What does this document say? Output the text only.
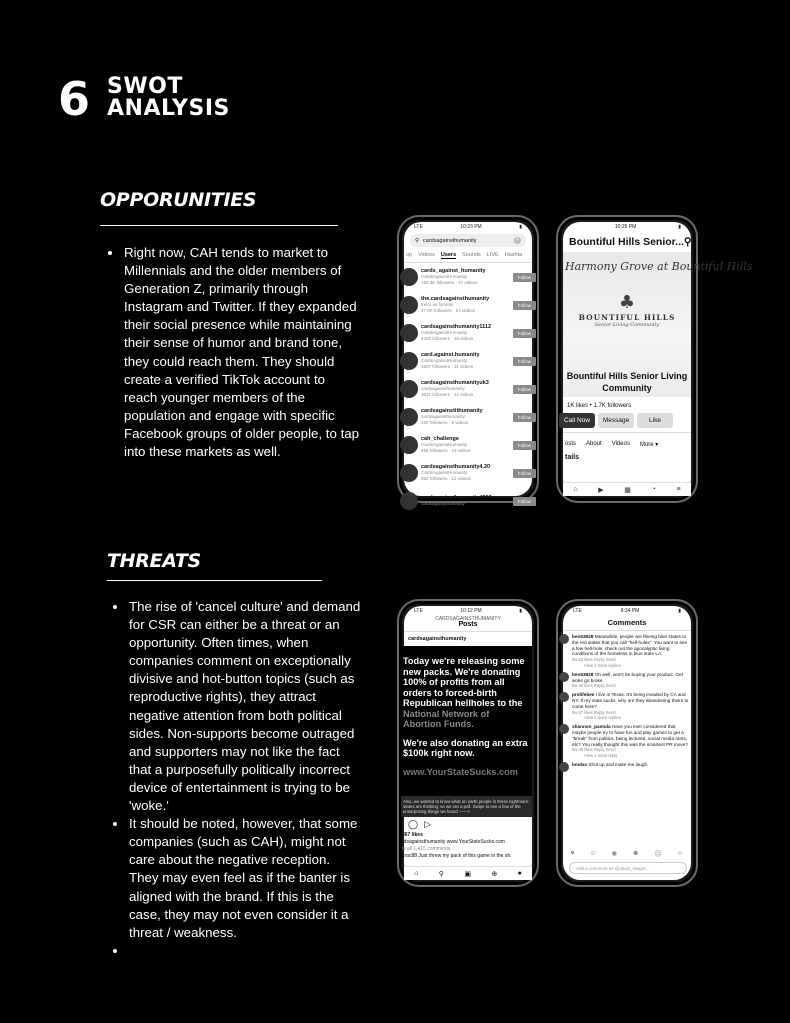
6 SWOT
ANALYSIS
OPPORUNITIES
Right now, CAH tends to market to Millennials and the older members of Generation Z, primarily through Instagram and Twitter. If they expanded their social presence while maintaining their sense of humor and brand tone, they could reach them. They should create a verified TikTok account to reach younger members of the population and engage with specific Facebook groups of older people, to tap into these markets as well.
THREATS
The rise of 'cancel culture' and demand for CSR can either be a threat or an opportunity. Often times, when companies comment on exceptionally divisive and hot-button topics (such as reproductive rights), they attract negative attention from both political sides. Non-supports become outraged and supporters may not like the fact that a purposefully politically incorrect device of entertainment is trying to be 'woke.'
It should be noted, however, that some companies (such as CAH), might not care about the negative reception. They may even feel as if the banter is aligned with the brand. If this is the case, they may not even consider it a threat / weakness.
LTE	10:23 PM	▮
⚲ cardsagainsthumanity	×
op Videos Users Sounds LIVE Hashta
cards_against_humanity
CardsAgainstHumanity
192.3K followers · 47 videos
Follow
the.cardsagainsthumanity
trelor as fonnias
47.6K followers · 51 videos
Follow
cardsagainsthumanity1112
CardsAgainstHumanity
4425 followers · 10 videos
Follow
card.against.humanity
CardsAgainstHumanity
1507 followers · 11 videos
Follow
cardsagainsthumanityuk3
cardsagainsthumanity
3531 followers · 12 videos
Follow
cardsagainstithumanity
cardsagainsthumanity
190 followers · 8 videos
Follow
cah_challenge
CardsAgainstHumanity
868 followers · 23 videos
Follow
cardsagainsthumanity4.20
CardsAgainstHumanity
252 followers · 12 videos
Follow
cardsagainsthumanity4200
cardsagainsthumanity	Follow
10:25 PM	▮
Bountiful Hills Senior... ⚲
Harmony Grove at Bountiful Hills
♣
BOUNTIFUL HILLS
Senior Living Community
Bountiful Hills Senior Living Community
1K likes • 1.7K followers
Call Now	Message	Like
osts About Videos More ▾
tails
⌂	▶	▦	◔	≡
LTE	10:12 PM	▮
CARDSAGAINSTHUMANITY
Posts
cardsagainsthumanity
Today we're releasing some new packs. We're donating 100% of profits from all orders to forced-birth Republican hellholes to the National Network of Abortion Funds.
We're also donating an extra $100k right now.
www.YourStateSucks.com
Also, we wanted to know what on earth people in these nightmare-states are thinking, so we ran a poll. Swipe to see a few of the unsurprising things we found ——>
◯ ▷
867 likes
rdsagainsthumanity www.YourStateSucks.com
w all 1,415 comments
crac88 Just threw my pack of this game in the sh.
⌂	⚲	▣	⊕	●
LTE	8:34 PM	▮
Comments
ben53928 Meanwhile, people are fleeing blue states to the red states that you call "hell-holes". You want to see a few hell-hole, check out the apocalyptic living conditions of the homeless in blue state LA.
6w 62 likes Reply Send
View 2 more replies
ben53928 Oh well, won't be buying your product. Get woke go broke.
6w 36 likes Reply Send
prolifebee I live in Texas. It's being invaded by CA and NY. If my state sucks, why are they abandoning theirs to come here?
6w 67 likes Reply Send
View 2 more replies
shannon_pastula Have you ever considered that maybe people try to have fun and play games to get a "break" from politics, being lectured, social media rants, etc? You really thought this was the smartest PR move?
6w 46 likes Reply Send
View 1 more reply
bmdav Shut up and make me laugh.
♥ ☺ ✺ ☻ ☹ ☺
Add a comment as @dawn_ranger...
